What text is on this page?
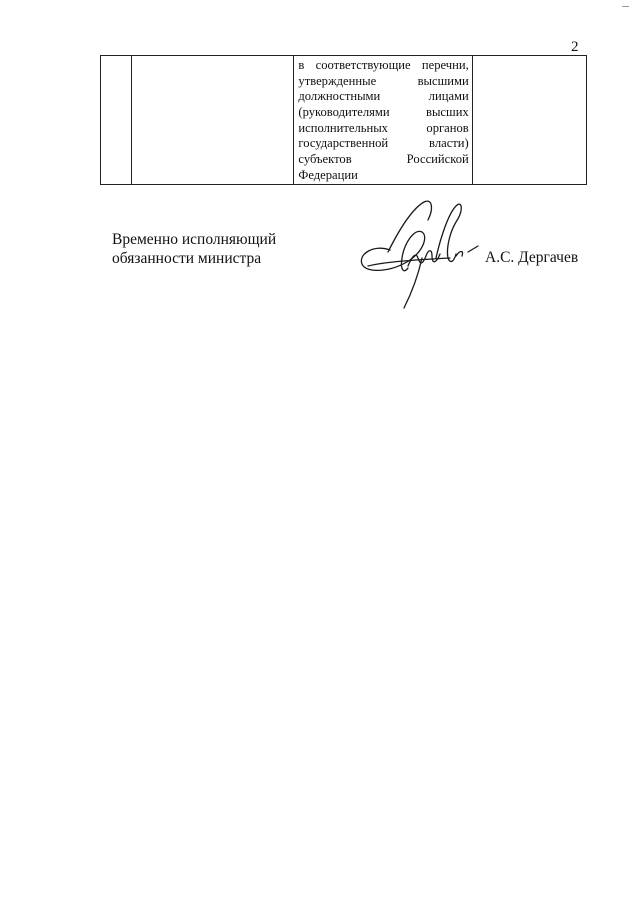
2

в соответствующие перечни,
утвержденные высшими
должностными лицами
(руководителями высших
исполнительных органов
государственной власти)
субъектов Российской
Федерации

Временно исполняющий
обязанности министра	А.С. Дергачев
